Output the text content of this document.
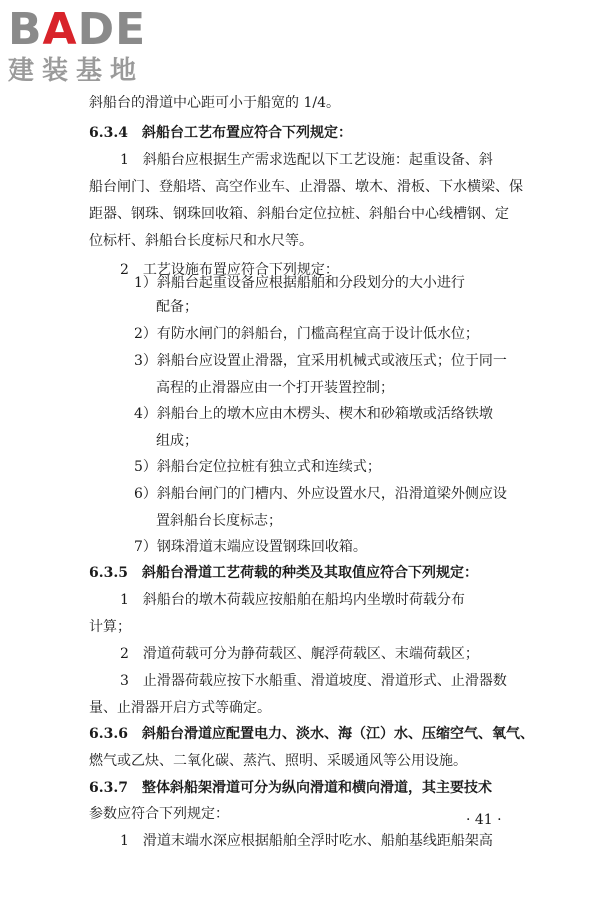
BADE
建装基地
斜船台的滑道中心距可小于船宽的 1/4。
6.3.4　斜船台工艺布置应符合下列规定：
1　斜船台应根据生产需求选配以下工艺设施：起重设备、斜
船台闸门、登船塔、高空作业车、止滑器、墩木、滑板、下水横梁、保
距器、钢珠、钢珠回收箱、斜船台定位拉桩、斜船台中心线槽钢、定
位标杆、斜船台长度标尺和水尺等。
2　工艺设施布置应符合下列规定：
1）斜船台起重设备应根据船舶和分段划分的大小进行
配备；
2）有防水闸门的斜船台，门槛高程宜高于设计低水位；
3）斜船台应设置止滑器，宜采用机械式或液压式；位于同一
高程的止滑器应由一个打开装置控制；
4）斜船台上的墩木应由木楞头、楔木和砂箱墩或活络铁墩
组成；
5）斜船台定位拉桩有独立式和连续式；
6）斜船台闸门的门槽内、外应设置水尺，沿滑道梁外侧应设
置斜船台长度标志；
7）钢珠滑道末端应设置钢珠回收箱。
6.3.5　斜船台滑道工艺荷载的种类及其取值应符合下列规定：
1　斜船台的墩木荷载应按船舶在船坞内坐墩时荷载分布
计算；
2　滑道荷载可分为静荷载区、艉浮荷载区、末端荷载区；
3　止滑器荷载应按下水船重、滑道坡度、滑道形式、止滑器数
量、止滑器开启方式等确定。
6.3.6　斜船台滑道应配置电力、淡水、海（江）水、压缩空气、氧气、
燃气或乙炔、二氧化碳、蒸汽、照明、采暖通风等公用设施。
6.3.7　整体斜船架滑道可分为纵向滑道和横向滑道，其主要技术
参数应符合下列规定：
1　滑道末端水深应根据船舶全浮时吃水、船舶基线距船架高
· 41 ·
